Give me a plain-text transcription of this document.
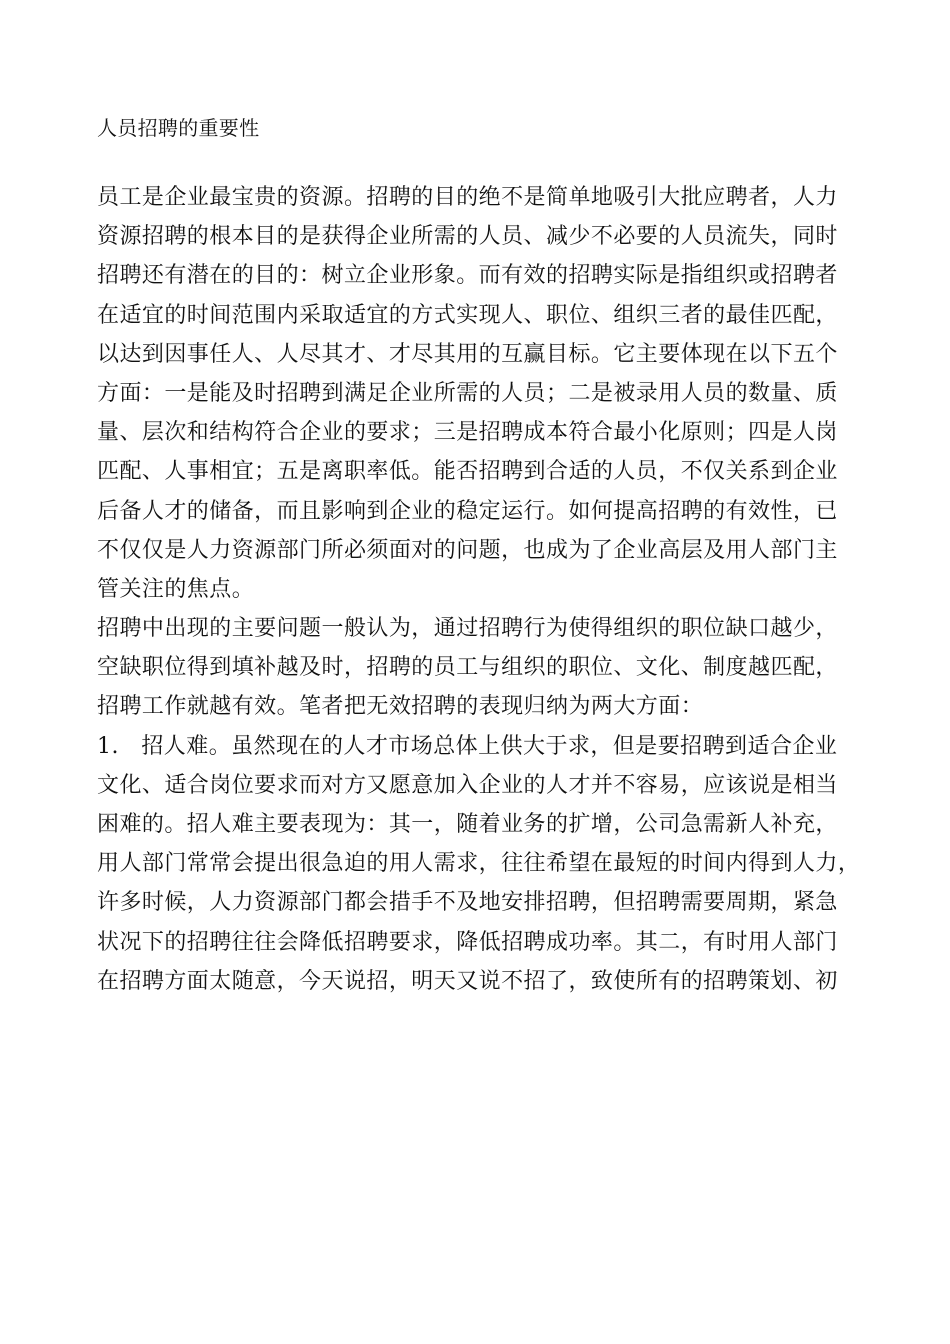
人员招聘的重要性
员工是企业最宝贵的资源。招聘的目的绝不是简单地吸引大批应聘者，人力
资源招聘的根本目的是获得企业所需的人员、减少不必要的人员流失，同时
招聘还有潜在的目的：树立企业形象。而有效的招聘实际是指组织或招聘者
在适宜的时间范围内采取适宜的方式实现人、职位、组织三者的最佳匹配，
以达到因事任人、人尽其才、才尽其用的互赢目标。它主要体现在以下五个
方面：一是能及时招聘到满足企业所需的人员；二是被录用人员的数量、质
量、层次和结构符合企业的要求；三是招聘成本符合最小化原则；四是人岗
匹配、人事相宜；五是离职率低。能否招聘到合适的人员，不仅关系到企业
后备人才的储备，而且影响到企业的稳定运行。如何提高招聘的有效性，已
不仅仅是人力资源部门所必须面对的问题，也成为了企业高层及用人部门主
管关注的焦点。
招聘中出现的主要问题一般认为，通过招聘行为使得组织的职位缺口越少，
空缺职位得到填补越及时，招聘的员工与组织的职位、文化、制度越匹配，
招聘工作就越有效。笔者把无效招聘的表现归纳为两大方面：
1.　招人难。虽然现在的人才市场总体上供大于求，但是要招聘到适合企业
文化、适合岗位要求而对方又愿意加入企业的人才并不容易，应该说是相当
困难的。招人难主要表现为：其一，随着业务的扩增，公司急需新人补充，
用人部门常常会提出很急迫的用人需求，往往希望在最短的时间内得到人力，
许多时候，人力资源部门都会措手不及地安排招聘，但招聘需要周期，紧急
状况下的招聘往往会降低招聘要求，降低招聘成功率。其二，有时用人部门
在招聘方面太随意，今天说招，明天又说不招了，致使所有的招聘策划、初
